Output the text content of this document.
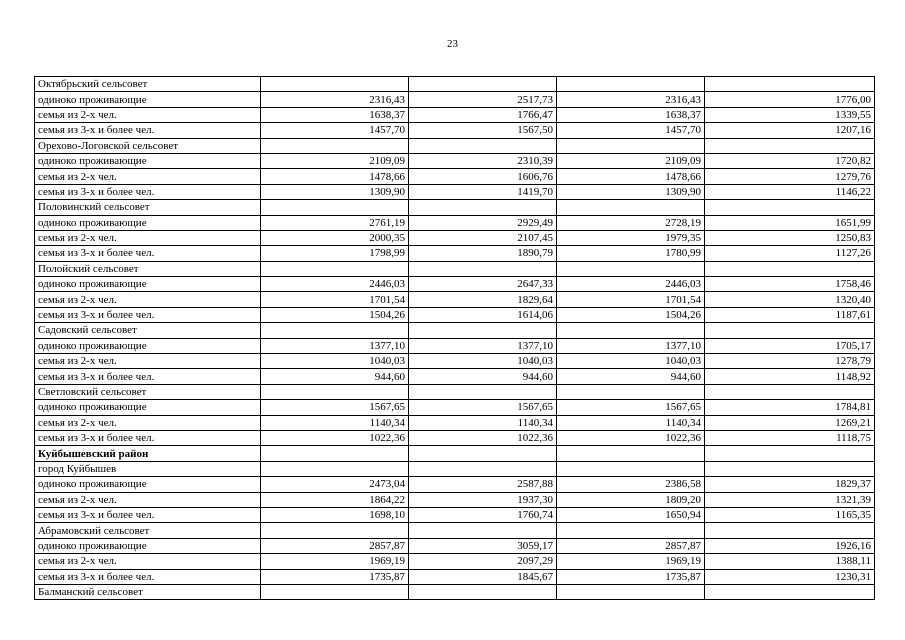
23
Октябрьский сельсовет				
одиноко проживающие	2316,43	2517,73	2316,43	1776,00
семья из 2-х чел.	1638,37	1766,47	1638,37	1339,55
семья из 3-х и более чел.	1457,70	1567,50	1457,70	1207,16
Орехово-Логовской сельсовет				
одиноко проживающие	2109,09	2310,39	2109,09	1720,82
семья из 2-х чел.	1478,66	1606,76	1478,66	1279,76
семья из 3-х и более чел.	1309,90	1419,70	1309,90	1146,22
Половинский сельсовет				
одиноко проживающие	2761,19	2929,49	2728,19	1651,99
семья из 2-х чел.	2000,35	2107,45	1979,35	1250,83
семья из 3-х и более чел.	1798,99	1890,79	1780,99	1127,26
Полойский сельсовет				
одиноко проживающие	2446,03	2647,33	2446,03	1758,46
семья из 2-х чел.	1701,54	1829,64	1701,54	1320,40
семья из 3-х и более чел.	1504,26	1614,06	1504,26	1187,61
Садовский сельсовет				
одиноко проживающие	1377,10	1377,10	1377,10	1705,17
семья из 2-х чел.	1040,03	1040,03	1040,03	1278,79
семья из 3-х и более чел.	944,60	944,60	944,60	1148,92
Светловский сельсовет				
одиноко проживающие	1567,65	1567,65	1567,65	1784,81
семья из 2-х чел.	1140,34	1140,34	1140,34	1269,21
семья из 3-х и более чел.	1022,36	1022,36	1022,36	1118,75
Куйбышевский район				
город Куйбышев				
одиноко проживающие	2473,04	2587,88	2386,58	1829,37
семья из 2-х чел.	1864,22	1937,30	1809,20	1321,39
семья из 3-х и более чел.	1698,10	1760,74	1650,94	1165,35
Абрамовский сельсовет				
одиноко проживающие	2857,87	3059,17	2857,87	1926,16
семья из 2-х чел.	1969,19	2097,29	1969,19	1388,11
семья из 3-х и более чел.	1735,87	1845,67	1735,87	1230,31
Балманский сельсовет				
